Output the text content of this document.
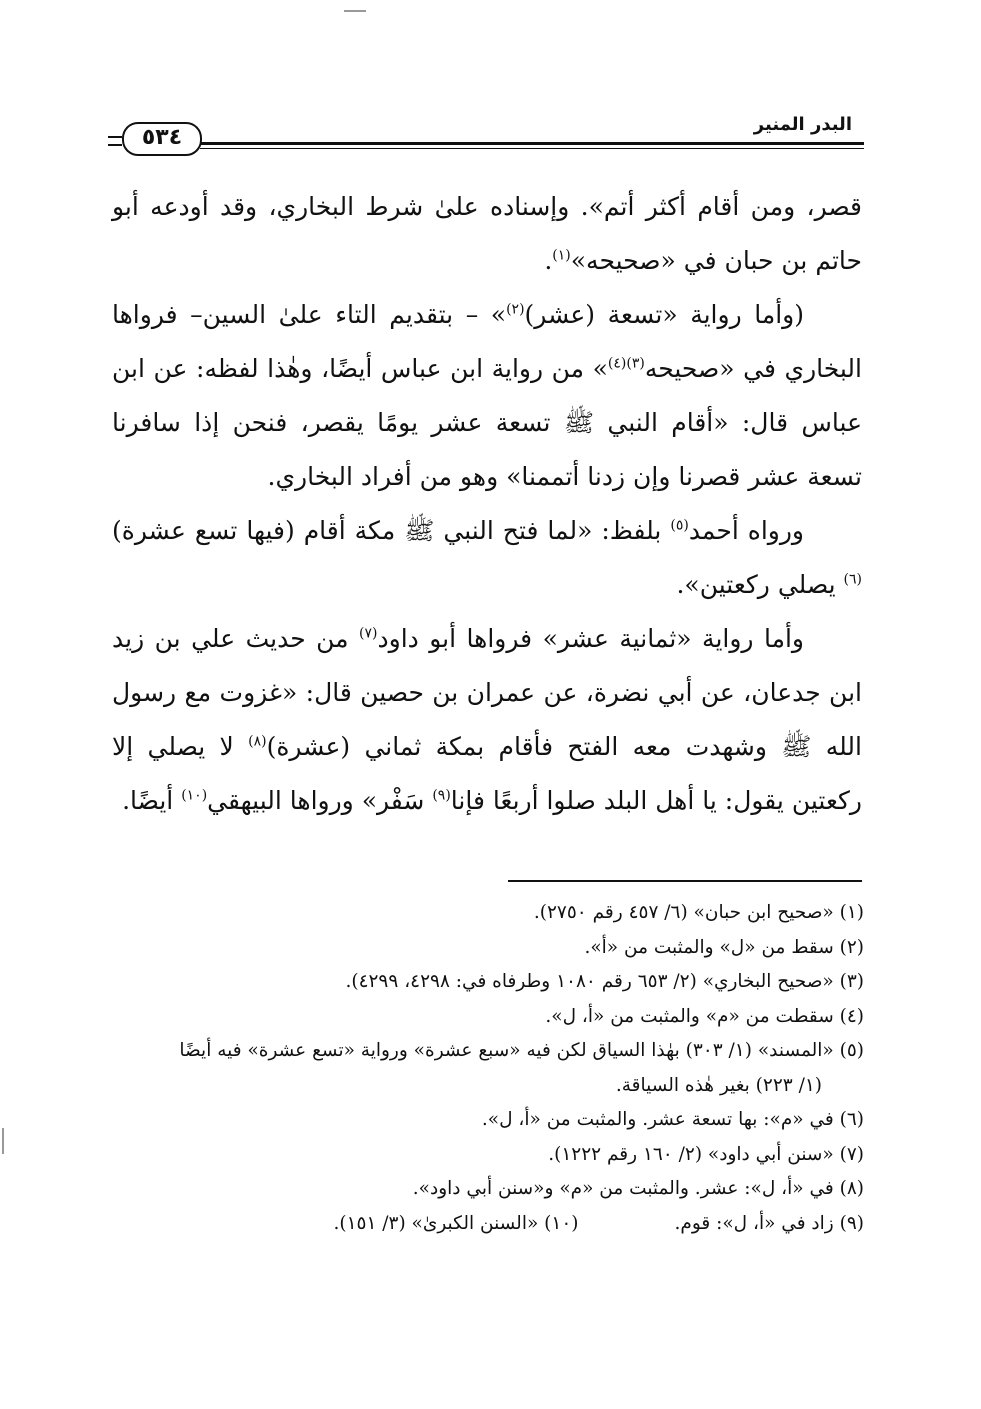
٥٣٤
البدر المنير

قصر، ومن أقام أكثر أتم». وإسناده علىٰ شرط البخاري، وقد أودعه أبو حاتم بن حبان في «صحيحه»$^{(١)}$.

(وأما رواية «تسعة (عشر)$^{(٢)}$» – بتقديم التاء علىٰ السين– فرواها البخاري في «صحيحه$^{(٣)(٤)}$» من رواية ابن عباس أيضًا، وهٰذا لفظه: عن ابن عباس قال: «أقام النبي ﷺ تسعة عشر يومًا يقصر، فنحن إذا سافرنا تسعة عشر قصرنا وإن زدنا أتممنا» وهو من أفراد البخاري.

ورواه أحمد$^{(٥)}$ بلفظ: «لما فتح النبي ﷺ مكة أقام (فيها تسع عشرة)$^{(٦)}$ يصلي ركعتين».

وأما رواية «ثمانية عشر» فرواها أبو داود$^{(٧)}$ من حديث علي بن زيد ابن جدعان، عن أبي نضرة، عن عمران بن حصين قال: «غزوت مع رسول الله ﷺ وشهدت معه الفتح فأقام بمكة ثماني (عشرة)$^{(٨)}$ لا يصلي إلا ركعتين يقول: يا أهل البلد صلوا أربعًا فإنا$^{(٩)}$ سَفْر» ورواها البيهقي$^{(١٠)}$ أيضًا.

(١) «صحيح ابن حبان» (٦/ ٤٥٧ رقم ٢٧٥٠).

(٢) سقط من «ل» والمثبت من «أ».

(٣) «صحيح البخاري» (٢/ ٦٥٣ رقم ١٠٨٠ وطرفاه في: ٤٢٩٨، ٤٢٩٩).

(٤) سقطت من «م» والمثبت من «أ، ل».

(٥) «المسند» (١/ ٣٠٣) بهٰذا السياق لكن فيه «سبع عشرة» ورواية «تسع عشرة» فيه أيضًا

(١/ ٢٢٣) بغير هٰذه السياقة.

(٦) في «م»: بها تسعة عشر. والمثبت من «أ، ل».

(٧) «سنن أبي داود» (٢/ ١٦٠ رقم ١٢٢٢).

(٨) في «أ، ل»: عشر. والمثبت من «م» و«سنن أبي داود».

(٩) زاد في «أ، ل»: قوم.
(١٠) «السنن الكبرىٰ» (٣/ ١٥١).
